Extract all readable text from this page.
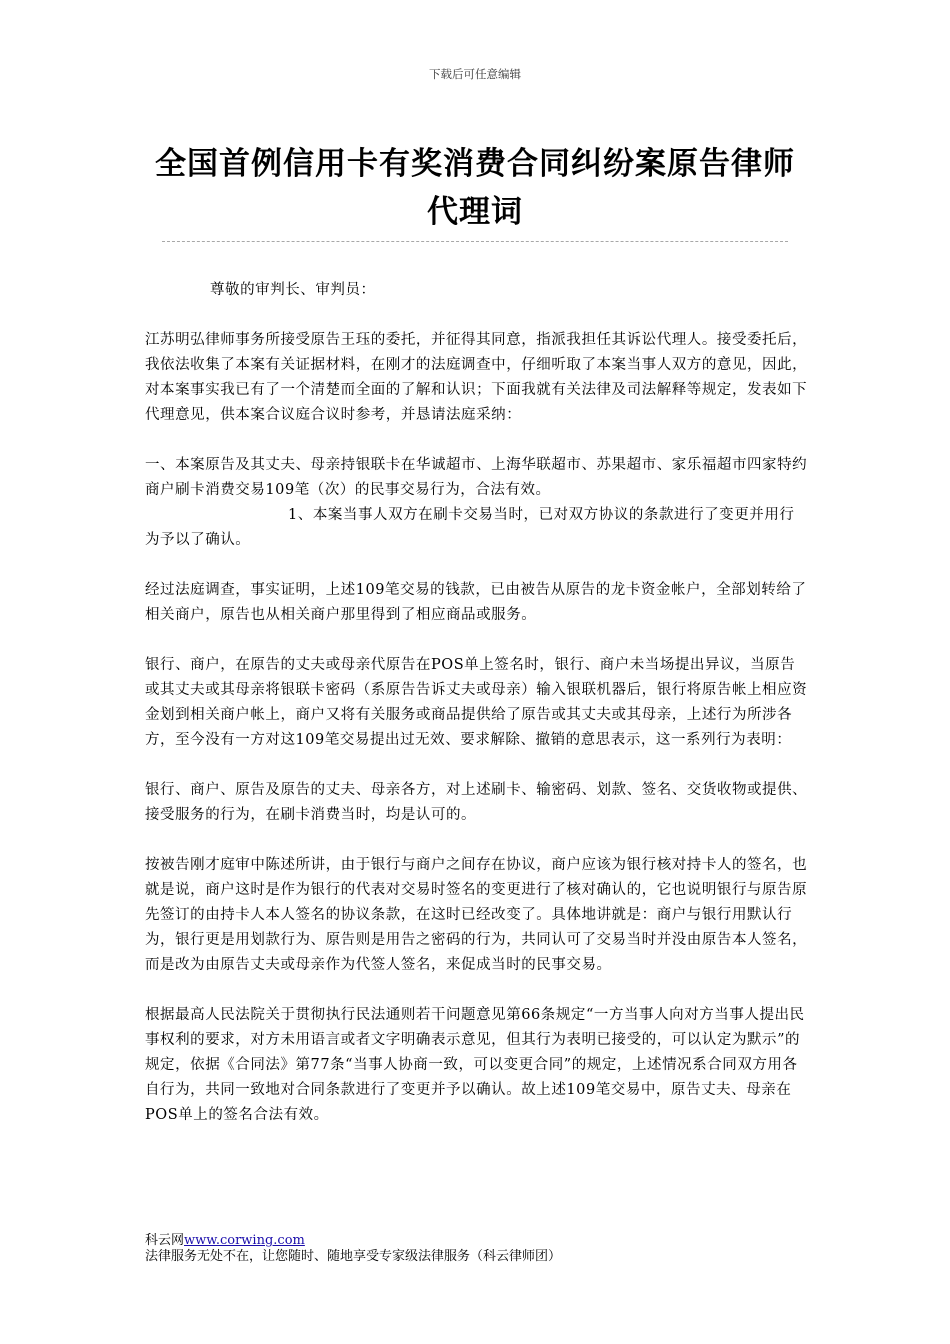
下载后可任意编辑
全国首例信用卡有奖消费合同纠纷案原告律师
代理词

尊敬的审判长、审判员：

江苏明弘律师事务所接受原告王珏的委托，并征得其同意，指派我担任其诉讼代理人。接受委托后，我依法收集了本案有关证据材料，在刚才的法庭调查中，仔细听取了本案当事人双方的意见，因此，对本案事实我已有了一个清楚而全面的了解和认识；下面我就有关法律及司法解释等规定，发表如下代理意见，供本案合议庭合议时参考，并恳请法庭采纳：

一、本案原告及其丈夫、母亲持银联卡在华诚超市、上海华联超市、苏果超市、家乐福超市四家特约商户刷卡消费交易109笔（次）的民事交易行为，合法有效。

1、本案当事人双方在刷卡交易当时，已对双方协议的条款进行了变更并用行为予以了确认。

经过法庭调查，事实证明，上述109笔交易的钱款，已由被告从原告的龙卡资金帐户，全部划转给了相关商户，原告也从相关商户那里得到了相应商品或服务。

银行、商户，在原告的丈夫或母亲代原告在POS单上签名时，银行、商户未当场提出异议，当原告或其丈夫或其母亲将银联卡密码（系原告告诉丈夫或母亲）输入银联机器后，银行将原告帐上相应资金划到相关商户帐上，商户又将有关服务或商品提供给了原告或其丈夫或其母亲，上述行为所涉各方，至今没有一方对这109笔交易提出过无效、要求解除、撤销的意思表示，这一系列行为表明：

银行、商户、原告及原告的丈夫、母亲各方，对上述刷卡、输密码、划款、签名、交货收物或提供、接受服务的行为，在刷卡消费当时，均是认可的。

按被告刚才庭审中陈述所讲，由于银行与商户之间存在协议，商户应该为银行核对持卡人的签名，也就是说，商户这时是作为银行的代表对交易时签名的变更进行了核对确认的，它也说明银行与原告原先签订的由持卡人本人签名的协议条款，在这时已经改变了。具体地讲就是：商户与银行用默认行为，银行更是用划款行为、原告则是用告之密码的行为，共同认可了交易当时并没由原告本人签名，而是改为由原告丈夫或母亲作为代签人签名，来促成当时的民事交易。

根据最高人民法院关于贯彻执行民法通则若干问题意见第66条规定“一方当事人向对方当事人提出民事权利的要求，对方未用语言或者文字明确表示意见，但其行为表明已接受的，可以认定为默示”的规定，依据《合同法》第77条“当事人协商一致，可以变更合同”的规定，上述情况系合同双方用各自行为，共同一致地对合同条款进行了变更并予以确认。故上述109笔交易中，原告丈夫、母亲在POS单上的签名合法有效。

科云网www.corwing.com
法律服务无处不在，让您随时、随地享受专家级法律服务（科云律师团）
